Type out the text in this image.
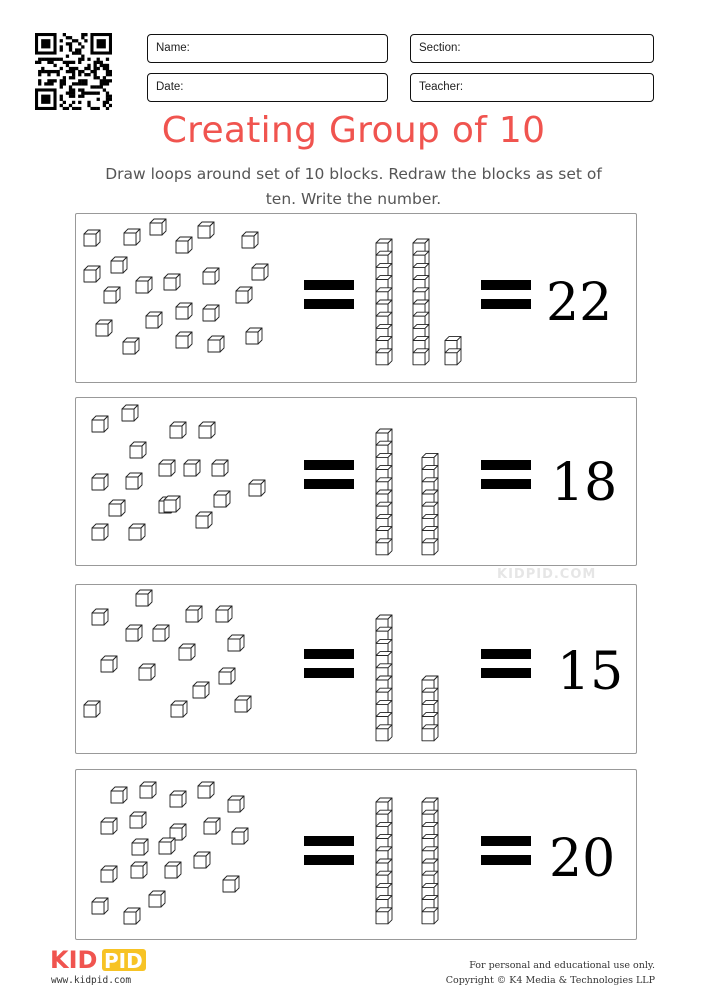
Name:	Section:
Date:	Teacher:
Creating Group of 10
Draw loops around set of 10 blocks. Redraw the blocks as set of ten. Write the number.
22
18
15
20
KIDPID.COM
KID PID
www.kidpid.com
For personal and educational use only.
Copyright © K4 Media & Technologies LLP
